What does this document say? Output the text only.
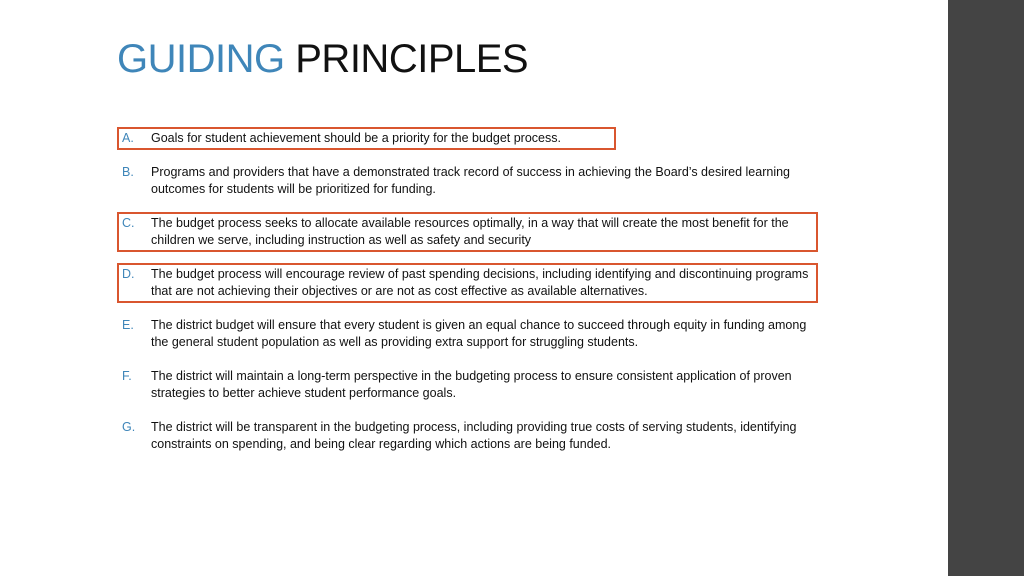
GUIDING PRINCIPLES
A.	Goals for student achievement should be a priority for the budget process.
B.	Programs and providers that have a demonstrated track record of success in achieving the Board’s desired learning outcomes for students will be prioritized for funding.
C.	The budget process seeks to allocate available resources optimally, in a way that will create the most benefit for the children we serve, including instruction as well as safety and security
D.	The budget process will encourage review of past spending decisions, including identifying and discontinuing programs that are not achieving their objectives or are not as cost effective as available alternatives.
E.	The district budget will ensure that every student is given an equal chance to succeed through equity in funding among the general student population as well as providing extra support for struggling students.
F.	The district will maintain a long-term perspective in the budgeting process to ensure consistent application of proven strategies to better achieve student performance goals.
G.	The district will be transparent in the budgeting process, including providing true costs of serving students, identifying constraints on spending, and being clear regarding which actions are being funded.
